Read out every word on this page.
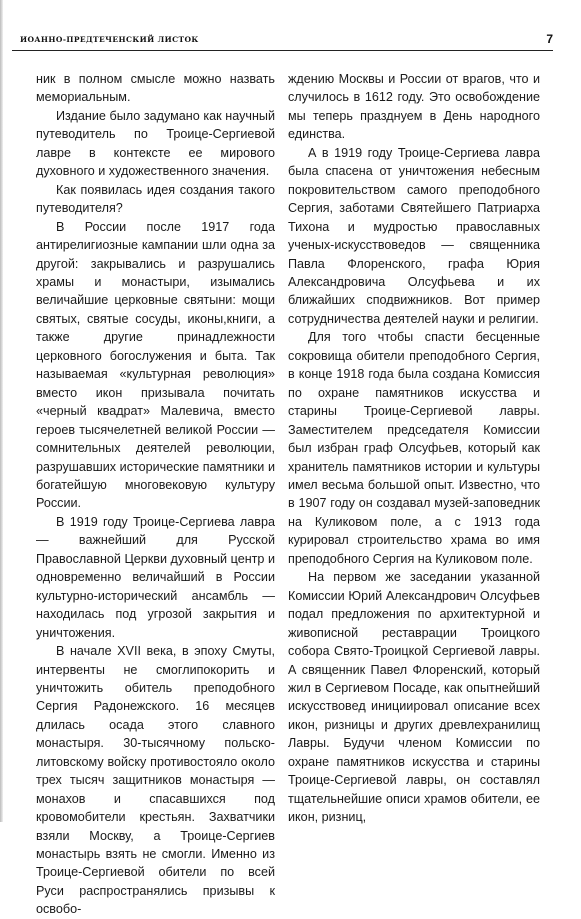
ИОАННО-ПРЕДТЕЧЕНСКИЙ ЛИСТОК	7

ник в полном смысле можно назвать мемориальным.

Издание было задумано как научный путеводитель по Троице-Сергиевой лавре в контексте ее мирового духовного и художественного значения.

Как появилась идея создания такого путеводителя?

В России после 1917 года антирелигиозные кампании шли одна за другой: закрывались и разрушались храмы и монастыри, изымались величайшие церковные святыни: мощи святых, святые сосуды, иконы,книги, а также другие принадлежности церковного богослужения и быта. Так называемая «культурная революция» вместо икон призывала почитать «черный квадрат» Малевича, вместо героев тысячелетней великой России — сомнительных деятелей революции, разрушавших исторические памятники и богатейшую многовековую культуру России.

В 1919 году Троице-Сергиева лавра — важнейший для Русской Православной Церкви духовный центр и одновременно величайший в России культурно-исторический ансамбль — находилась под угрозой закрытия и уничтожения.

В начале XVII века, в эпоху Смуты, интервенты не смоглипокорить и уничтожить обитель преподобного Сергия Радонежского. 16 месяцев длилась осада этого славного монастыря. 30-тысячному польско-литовскому войску противостояло около трех тысяч защитников монастыря — монахов и спасавшихся под кровомобители крестьян. Захватчики взяли Москву, а Троице-Сергиев монастырь взять не смогли. Именно из Троице-Сергиевой обители по всей Руси распространялись призывы к освобо-

ждению Москвы и России от врагов, что и случилось в 1612 году. Это освобождение мы теперь празднуем в День народного единства.

А в 1919 году Троице-Сергиева лавра была спасена от уничтожения небесным покровительством самого преподобного Сергия, заботами Святейшего Патриарха Тихона и мудростью православных ученых-искусствоведов — священника Павла Флоренского, графа Юрия Александровича Олсуфьева и их ближайших сподвижников. Вот пример сотрудничества деятелей науки и религии.

Для того чтобы спасти бесценные сокровища обители преподобного Сергия, в конце 1918 года была создана Комиссия по охране памятников искусства и старины Троице-Сергиевой лавры. Заместителем председателя Комиссии был избран граф Олсуфьев, который как хранитель памятников истории и культуры имел весьма большой опыт. Известно, что в 1907 году он создавал музей-заповедник на Куликовом поле, а с 1913 года курировал строительство храма во имя преподобного Сергия на Куликовом поле.

На первом же заседании указанной Комиссии Юрий Александрович Олсуфьев подал предложения по архитектурной и живописной реставрации Троицкого собора Свято-Троицкой Сергиевой лавры. А священник Павел Флоренский, который жил в Сергиевом Посаде, как опытнейший искусствовед инициировал описание всех икон, ризницы и других древлехранилищ Лавры. Будучи членом Комиссии по охране памятников искусства и старины Троице-Сергиевой лавры, он составлял тщательнейшие описи храмов обители, ее икон, ризниц,
